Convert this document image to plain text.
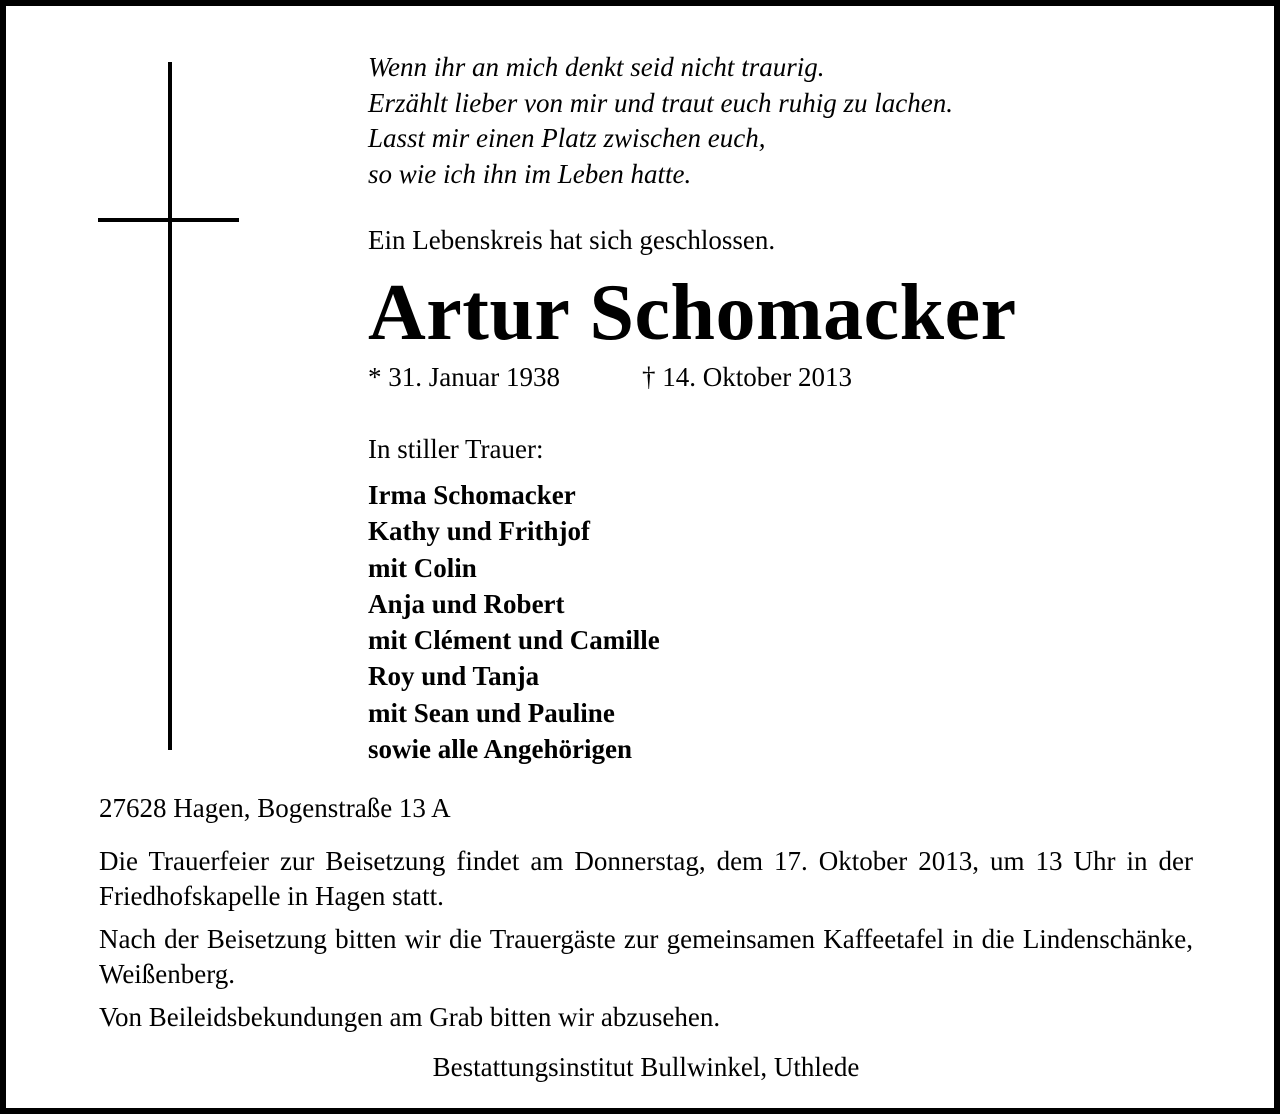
Wenn ihr an mich denkt seid nicht traurig.
Erzählt lieber von mir und traut euch ruhig zu lachen.
Lasst mir einen Platz zwischen euch,
so wie ich ihn im Leben hatte.
Ein Lebenskreis hat sich geschlossen.
Artur Schomacker
* 31. Januar 1938	† 14. Oktober 2013
In stiller Trauer:
Irma Schomacker
Kathy und Frithjof
mit Colin
Anja und Robert
mit Clément und Camille
Roy und Tanja
mit Sean und Pauline
sowie alle Angehörigen
27628 Hagen, Bogenstraße 13 A
Die Trauerfeier zur Beisetzung findet am Donnerstag, dem 17. Oktober 2013, um 13 Uhr in der Friedhofskapelle in Hagen statt.
Nach der Beisetzung bitten wir die Trauergäste zur gemeinsamen Kaffeetafel in die Lindenschänke, Weißenberg.
Von Beileidsbekundungen am Grab bitten wir abzusehen.
Bestattungsinstitut Bullwinkel, Uthlede
